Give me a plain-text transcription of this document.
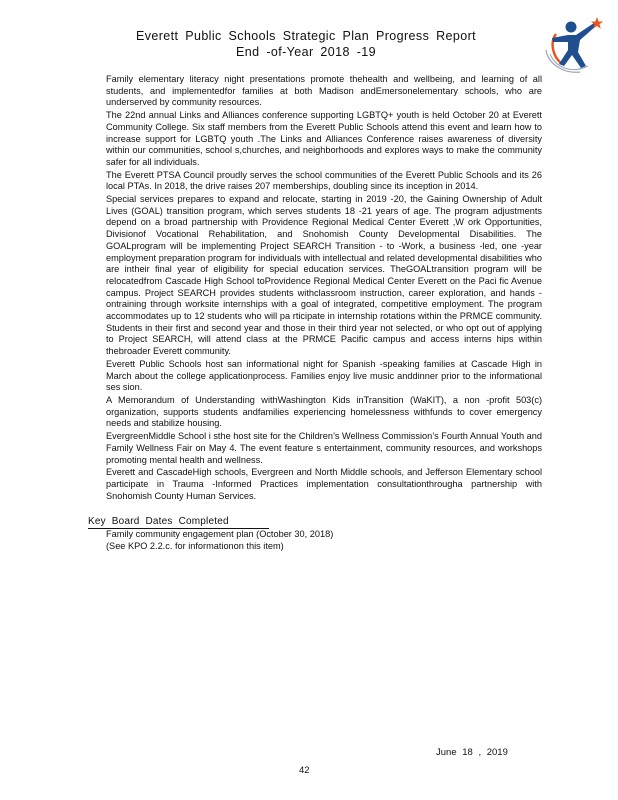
Everett Public Schools Strategic Plan Progress Report
End -of-Year 2018 -19
Family elementary literacy night presentations promote thehealth and wellbeing, and learning of all students, and implementedfor families at both Madison andEmersonelementary schools, who are underserved by community resources.
The 22nd annual Links and Alliances conference supporting LGBTQ+ youth is held October 20 at Everett Community College. Six staff members from the Everett Public Schools attend this event and learn how to increase support for LGBTQ youth .The Links and Alliances Conference raises awareness of diversity within our communities, school s,churches, and neighborhoods and explores ways to make the community safer for all individuals.
The Everett PTSA Council proudly serves the school communities of the Everett Public Schools and its 26 local PTAs. In 2018, the drive raises 207 memberships, doubling since its inception in 2014.
Special services prepares to expand and relocate, starting in 2019 -20, the Gaining Ownership of Adult Lives (GOAL) transition program, which serves students 18 -21 years of age. The program adjustments depend on a broad partnership with Providence Regional Medical Center Everett ,W ork Opportunities, Divisionof Vocational Rehabilitation, and Snohomish County Developmental Disabilities. The GOALprogram will be implementing Project SEARCH Transition - to -Work, a business -led, one -year employment preparation program for individuals with intellectual and related developmental disabilities who are intheir final year of eligibility for special education services. TheGOALtransition program will be relocatedfrom Cascade High School toProvidence Regional Medical Center Everett on the Paci fic Avenue campus. Project SEARCH provides students withclassroom instruction, career exploration, and hands -ontraining through worksite internships with a goal of integrated, competitive employment. The program accommodates up to 12 students who will pa rticipate in internship rotations within the PRMCE community. Students in their first and second year and those in their third year not selected, or who opt out of applying to Project SEARCH, will attend class at the PRMCE Pacific campus and access interns hips within thebroader Everett community.
Everett Public Schools host san informational night for Spanish -speaking families at Cascade High in March about the college applicationprocess. Families enjoy live music anddinner prior to the informational ses sion.
A Memorandum of Understanding withWashington Kids inTransition (WaKIT), a non -profit 503(c) organization, supports students andfamilies experiencing homelessness withfunds to cover emergency needs and stabilize housing.
EvergreenMiddle School i sthe host site for the Children’s Wellness Commission’s Fourth Annual Youth and Family Wellness Fair on May 4. The event feature s entertainment, community resources, and workshops promoting mental health and wellness.
Everett and CascadeHigh schools, Evergreen and North Middle schools, and Jefferson Elementary school participate in Trauma -Informed Practices implementation consultationthrougha partnership with Snohomish County Human Services.
Key Board Dates Completed
Family community engagement plan (October 30, 2018)
(See KPO 2.2.c. for informationon this item)
June 18 , 2019
42
